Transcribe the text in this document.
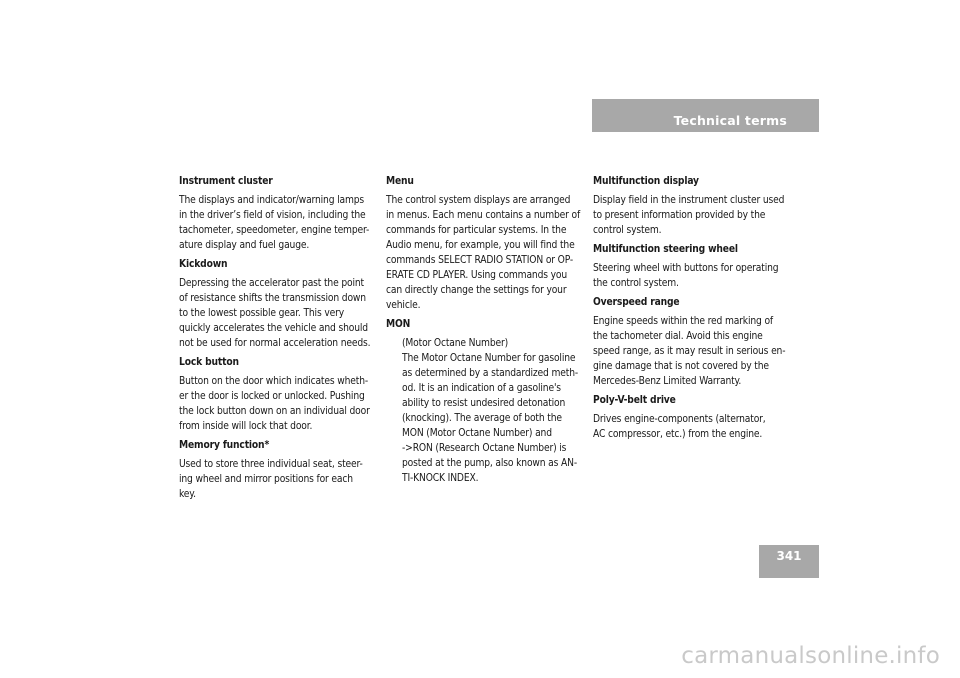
Technical terms
Instrument cluster
The displays and indicator/warning lamps
in the driver’s field of vision, including the
tachometer, speedometer, engine temper-
ature display and fuel gauge.
Kickdown
Depressing the accelerator past the point
of resistance shifts the transmission down
to the lowest possible gear. This very
quickly accelerates the vehicle and should
not be used for normal acceleration needs.
Lock button
Button on the door which indicates wheth-
er the door is locked or unlocked. Pushing
the lock button down on an individual door
from inside will lock that door.
Memory function*
Used to store three individual seat, steer-
ing wheel and mirror positions for each
key.
Menu
The control system displays are arranged
in menus. Each menu contains a number of
commands for particular systems. In the
Audio menu, for example, you will find the
commands SELECT RADIO STATION or OP-
ERATE CD PLAYER. Using commands you
can directly change the settings for your
vehicle.
MON
(Motor Octane Number)
The Motor Octane Number for gasoline
as determined by a standardized meth-
od. It is an indication of a gasoline's
ability to resist undesired detonation
(knocking). The average of both the
MON (Motor Octane Number) and
->RON (Research Octane Number) is
posted at the pump, also known as AN-
TI-KNOCK INDEX.
Multifunction display
Display field in the instrument cluster used
to present information provided by the
control system.
Multifunction steering wheel
Steering wheel with buttons for operating
the control system.
Overspeed range
Engine speeds within the red marking of
the tachometer dial. Avoid this engine
speed range, as it may result in serious en-
gine damage that is not covered by the
Mercedes-Benz Limited Warranty.
Poly-V-belt drive
Drives engine-components (alternator,
AC compressor, etc.) from the engine.
341
carmanualsonline.info
